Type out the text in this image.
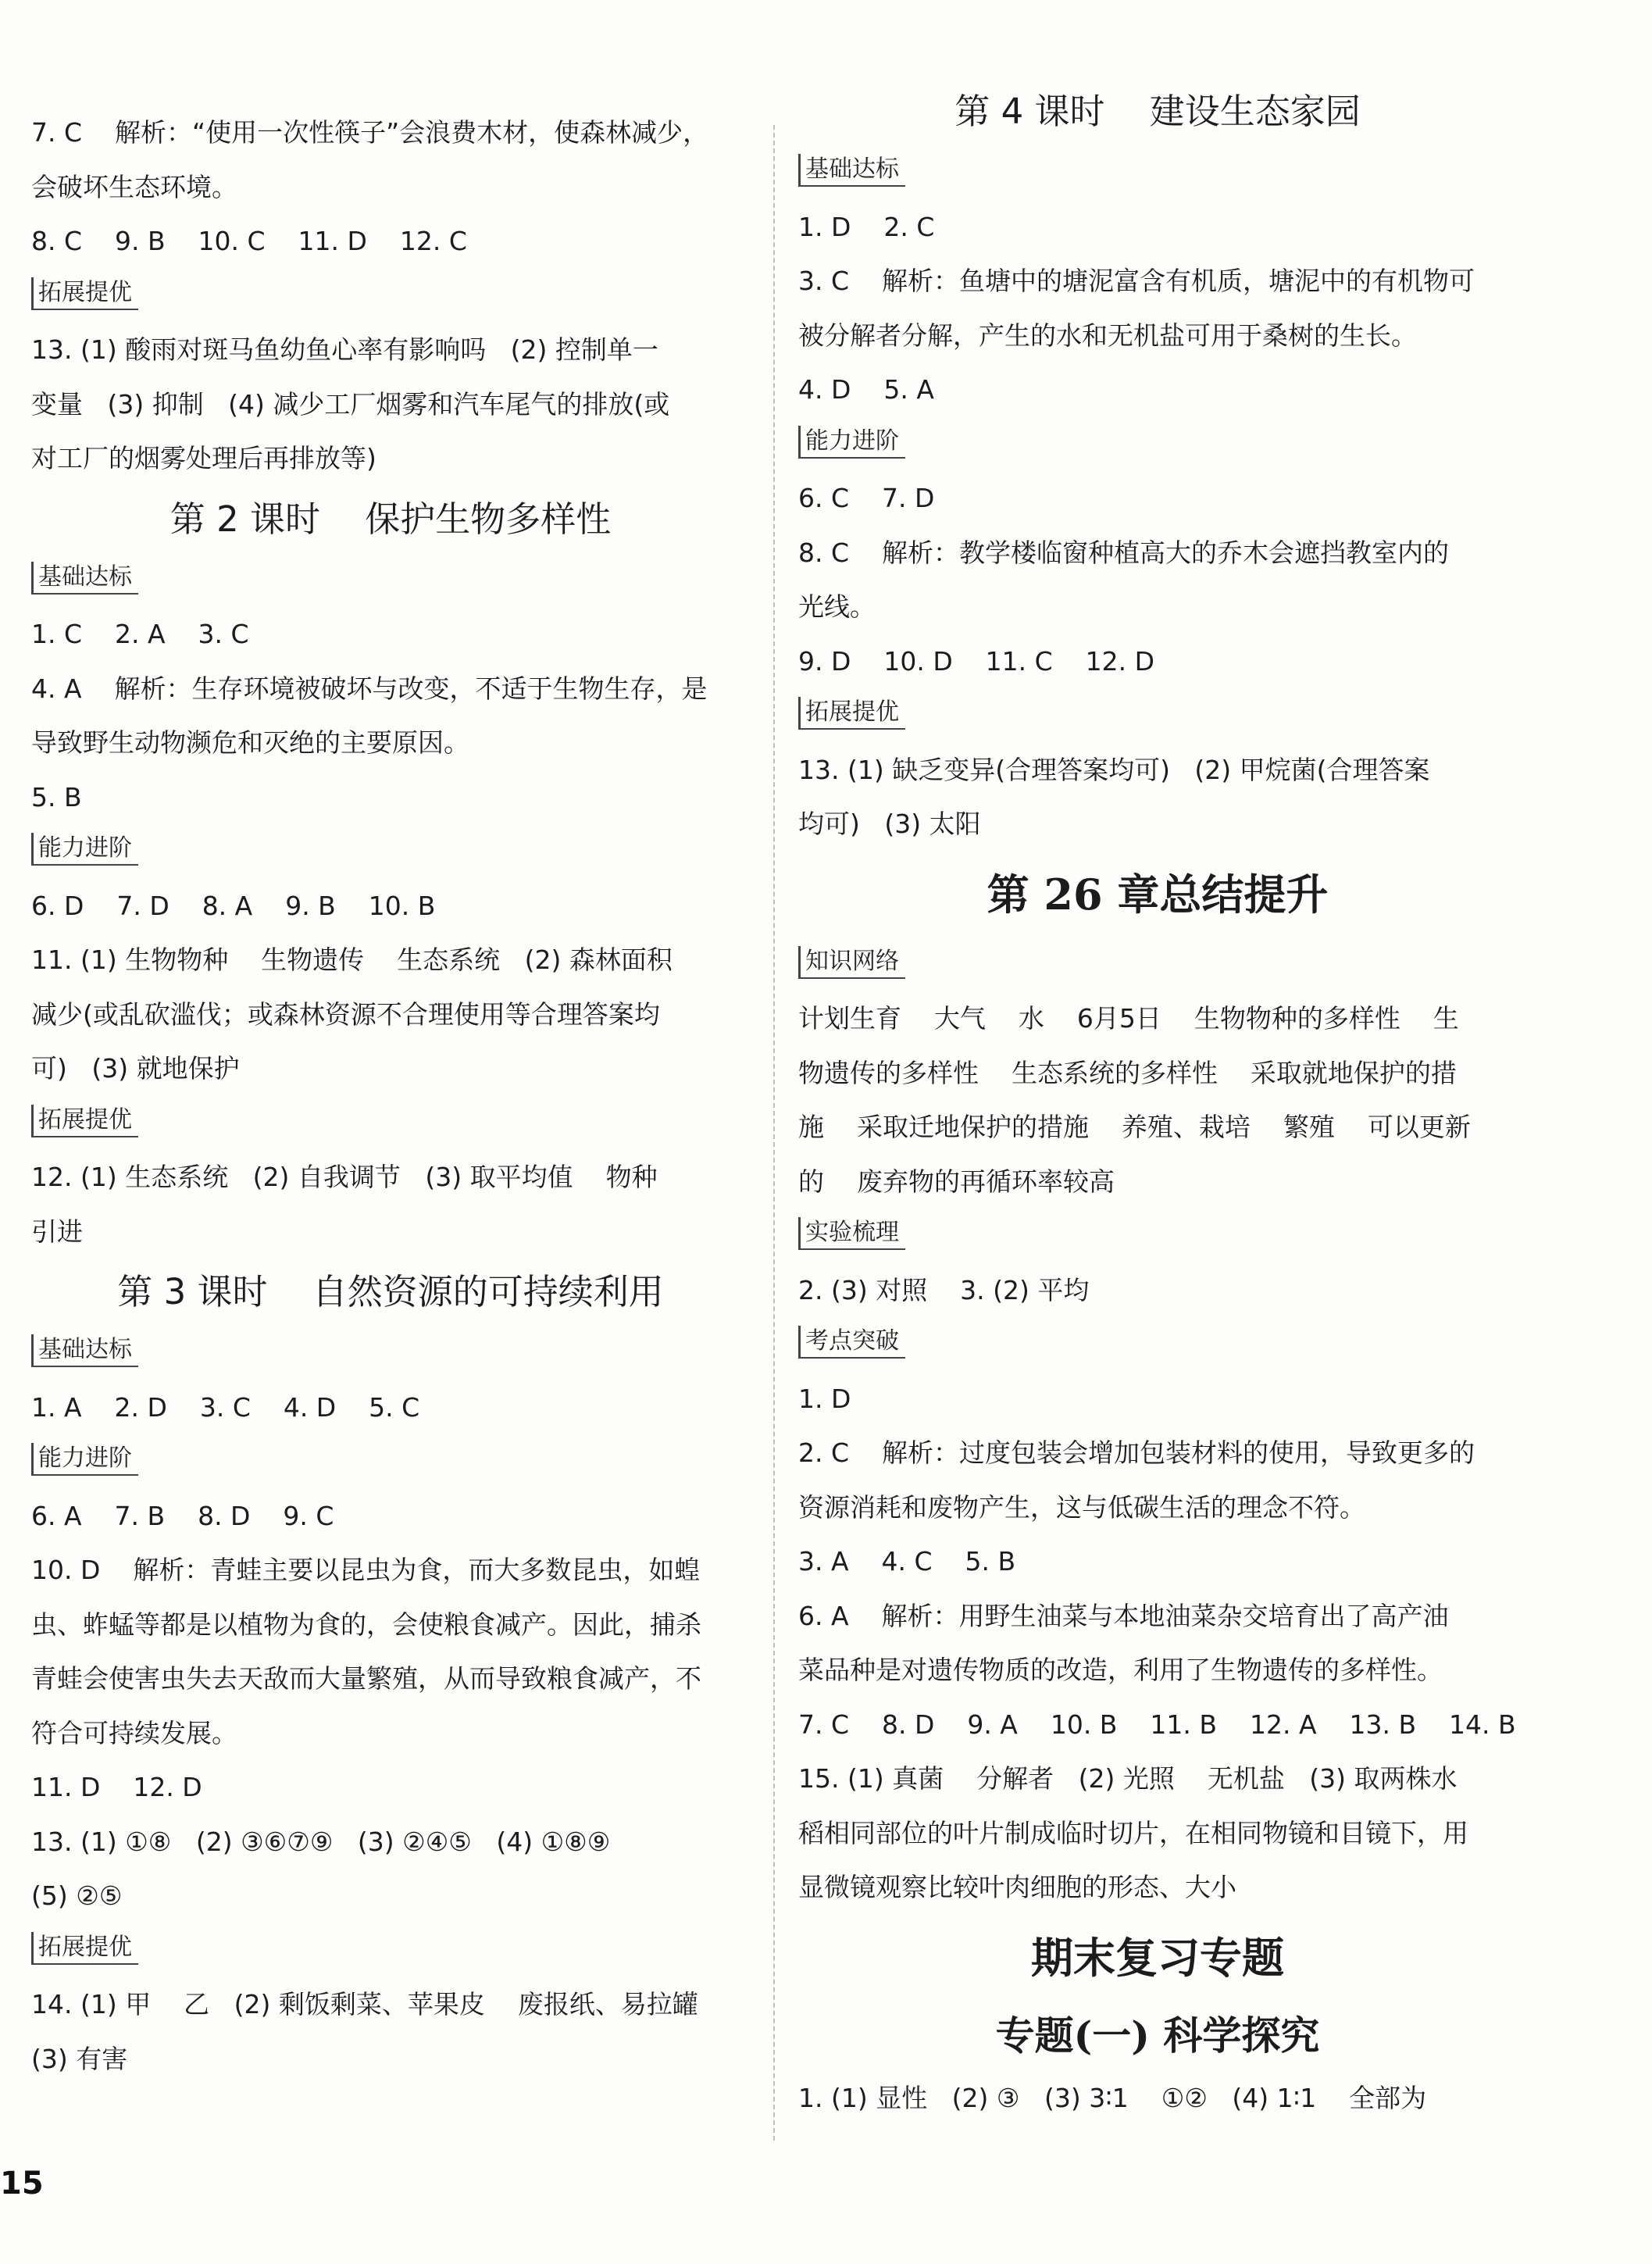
7. C    解析：“使用一次性筷子”会浪费木材，使森林减少，
会破坏生态环境。
8. C    9. B    10. C    11. D    12. C
拓展提优
13. (1) 酸雨对斑马鱼幼鱼心率有影响吗   (2) 控制单一
变量   (3) 抑制   (4) 减少工厂烟雾和汽车尾气的排放(或
对工厂的烟雾处理后再排放等)
第 2 课时    保护生物多样性
基础达标
1. C    2. A    3. C
4. A    解析：生存环境被破坏与改变，不适于生物生存，是
导致野生动物濒危和灭绝的主要原因。
5. B
能力进阶
6. D    7. D    8. A    9. B    10. B
11. (1) 生物物种    生物遗传    生态系统   (2) 森林面积
减少(或乱砍滥伐；或森林资源不合理使用等合理答案均
可)   (3) 就地保护
拓展提优
12. (1) 生态系统   (2) 自我调节   (3) 取平均值    物种
引进
第 3 课时    自然资源的可持续利用
基础达标
1. A    2. D    3. C    4. D    5. C
能力进阶
6. A    7. B    8. D    9. C
10. D    解析：青蛙主要以昆虫为食，而大多数昆虫，如蝗
虫、蚱蜢等都是以植物为食的，会使粮食减产。因此，捕杀
青蛙会使害虫失去天敌而大量繁殖，从而导致粮食减产，不
符合可持续发展。
11. D    12. D
13. (1) ①⑧   (2) ③⑥⑦⑨   (3) ②④⑤   (4) ①⑧⑨
(5) ②⑤
拓展提优
14. (1) 甲    乙   (2) 剩饭剩菜、苹果皮    废报纸、易拉罐
(3) 有害
第 4 课时    建设生态家园
基础达标
1. D    2. C
3. C    解析：鱼塘中的塘泥富含有机质，塘泥中的有机物可
被分解者分解，产生的水和无机盐可用于桑树的生长。
4. D    5. A
能力进阶
6. C    7. D
8. C    解析：教学楼临窗种植高大的乔木会遮挡教室内的
光线。
9. D    10. D    11. C    12. D
拓展提优
13. (1) 缺乏变异(合理答案均可)   (2) 甲烷菌(合理答案
均可)   (3) 太阳
第 26 章总结提升
知识网络
计划生育    大气    水    6月5日    生物物种的多样性    生
物遗传的多样性    生态系统的多样性    采取就地保护的措
施    采取迁地保护的措施    养殖、栽培    繁殖    可以更新
的    废弃物的再循环率较高
实验梳理
2. (3) 对照    3. (2) 平均
考点突破
1. D
2. C    解析：过度包装会增加包装材料的使用，导致更多的
资源消耗和废物产生，这与低碳生活的理念不符。
3. A    4. C    5. B
6. A    解析：用野生油菜与本地油菜杂交培育出了高产油
菜品种是对遗传物质的改造，利用了生物遗传的多样性。
7. C    8. D    9. A    10. B    11. B    12. A    13. B    14. B
15. (1) 真菌    分解者   (2) 光照    无机盐   (3) 取两株水
稻相同部位的叶片制成临时切片，在相同物镜和目镜下，用
显微镜观察比较叶肉细胞的形态、大小
期末复习专题
专题(一) 科学探究
1. (1) 显性   (2) ③   (3) 3∶1    ①②   (4) 1∶1    全部为
15
